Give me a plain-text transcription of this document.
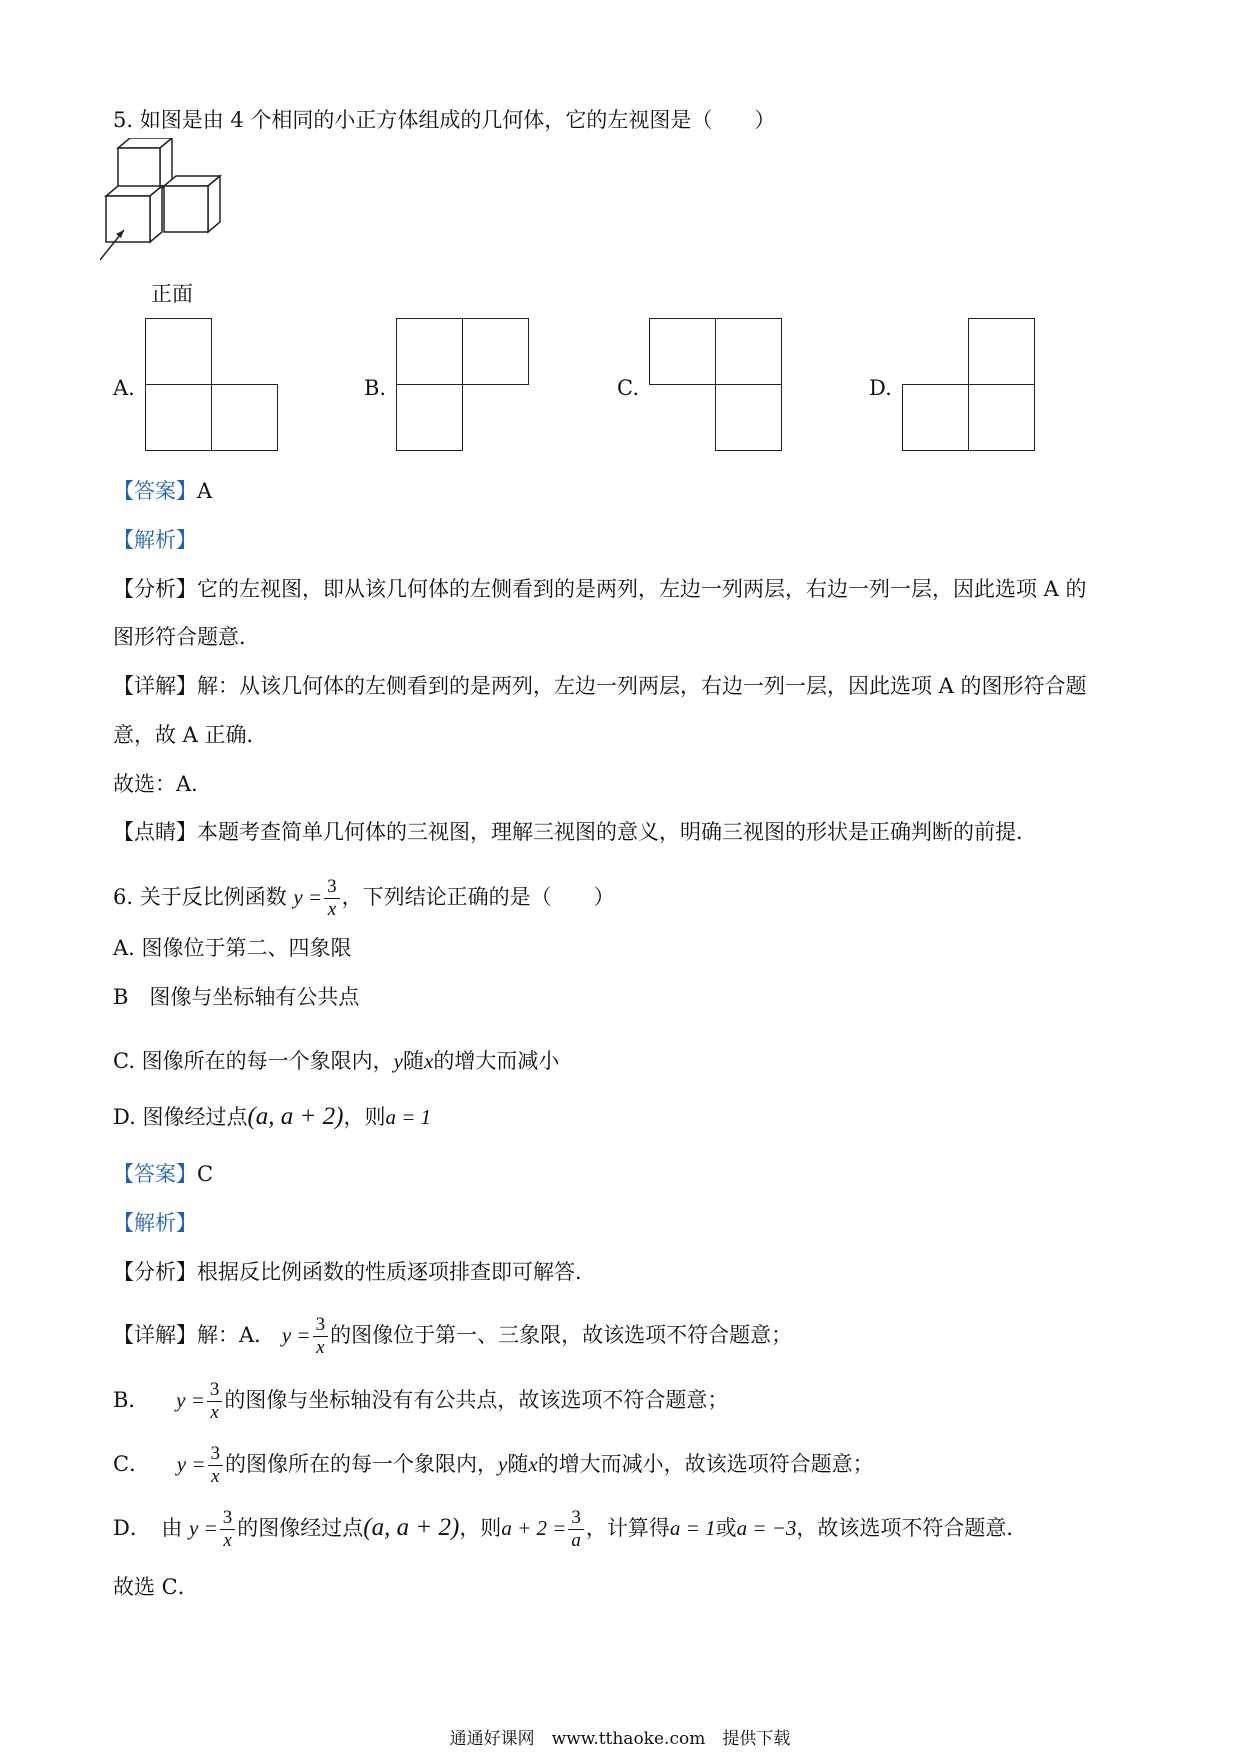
5. 如图是由 4 个相同的小正方体组成的几何体，它的左视图是（　　）
正面
A.	B.	C.	D.
【答案】A
【解析】
【分析】它的左视图，即从该几何体的左侧看到的是两列，左边一列两层，右边一列一层，因此选项 A 的
图形符合题意．
【详解】解：从该几何体的左侧看到的是两列，左边一列两层，右边一列一层，因此选项 A 的图形符合题
意，故 A 正确．
故选：A．
【点睛】本题考查简单几何体的三视图，理解三视图的意义，明确三视图的形状是正确判断的前提．
6. 关于反比例函数 $y = \frac{3}{x}$ ，下列结论正确的是（　　）
A. 图像位于第二、四象限
B　图像与坐标轴有公共点
C. 图像所在的每一个象限内，y随x的增大而减小
D. 图像经过点(a, a + 2)，则a = 1
【答案】C
【解析】
【分析】根据反比例函数的性质逐项排查即可解答．
【详解】解：A． $y = \frac{3}{x}$ 的图像位于第一、三象限，故该选项不符合题意；
B． $y = \frac{3}{x}$ 的图像与坐标轴没有有公共点，故该选项不符合题意；
C． $y = \frac{3}{x}$ 的图像所在的每一个象限内，y随x的增大而减小，故该选项符合题意；
D．　由 $y = \frac{3}{x}$ 的图像经过点(a, a + 2)，则$a + 2 = \frac{3}{a}$ ，计算得a = 1或a = −3，故该选项不符合题意．
故选 C．
通通好课网　www.tthaoke.com　提供下载
